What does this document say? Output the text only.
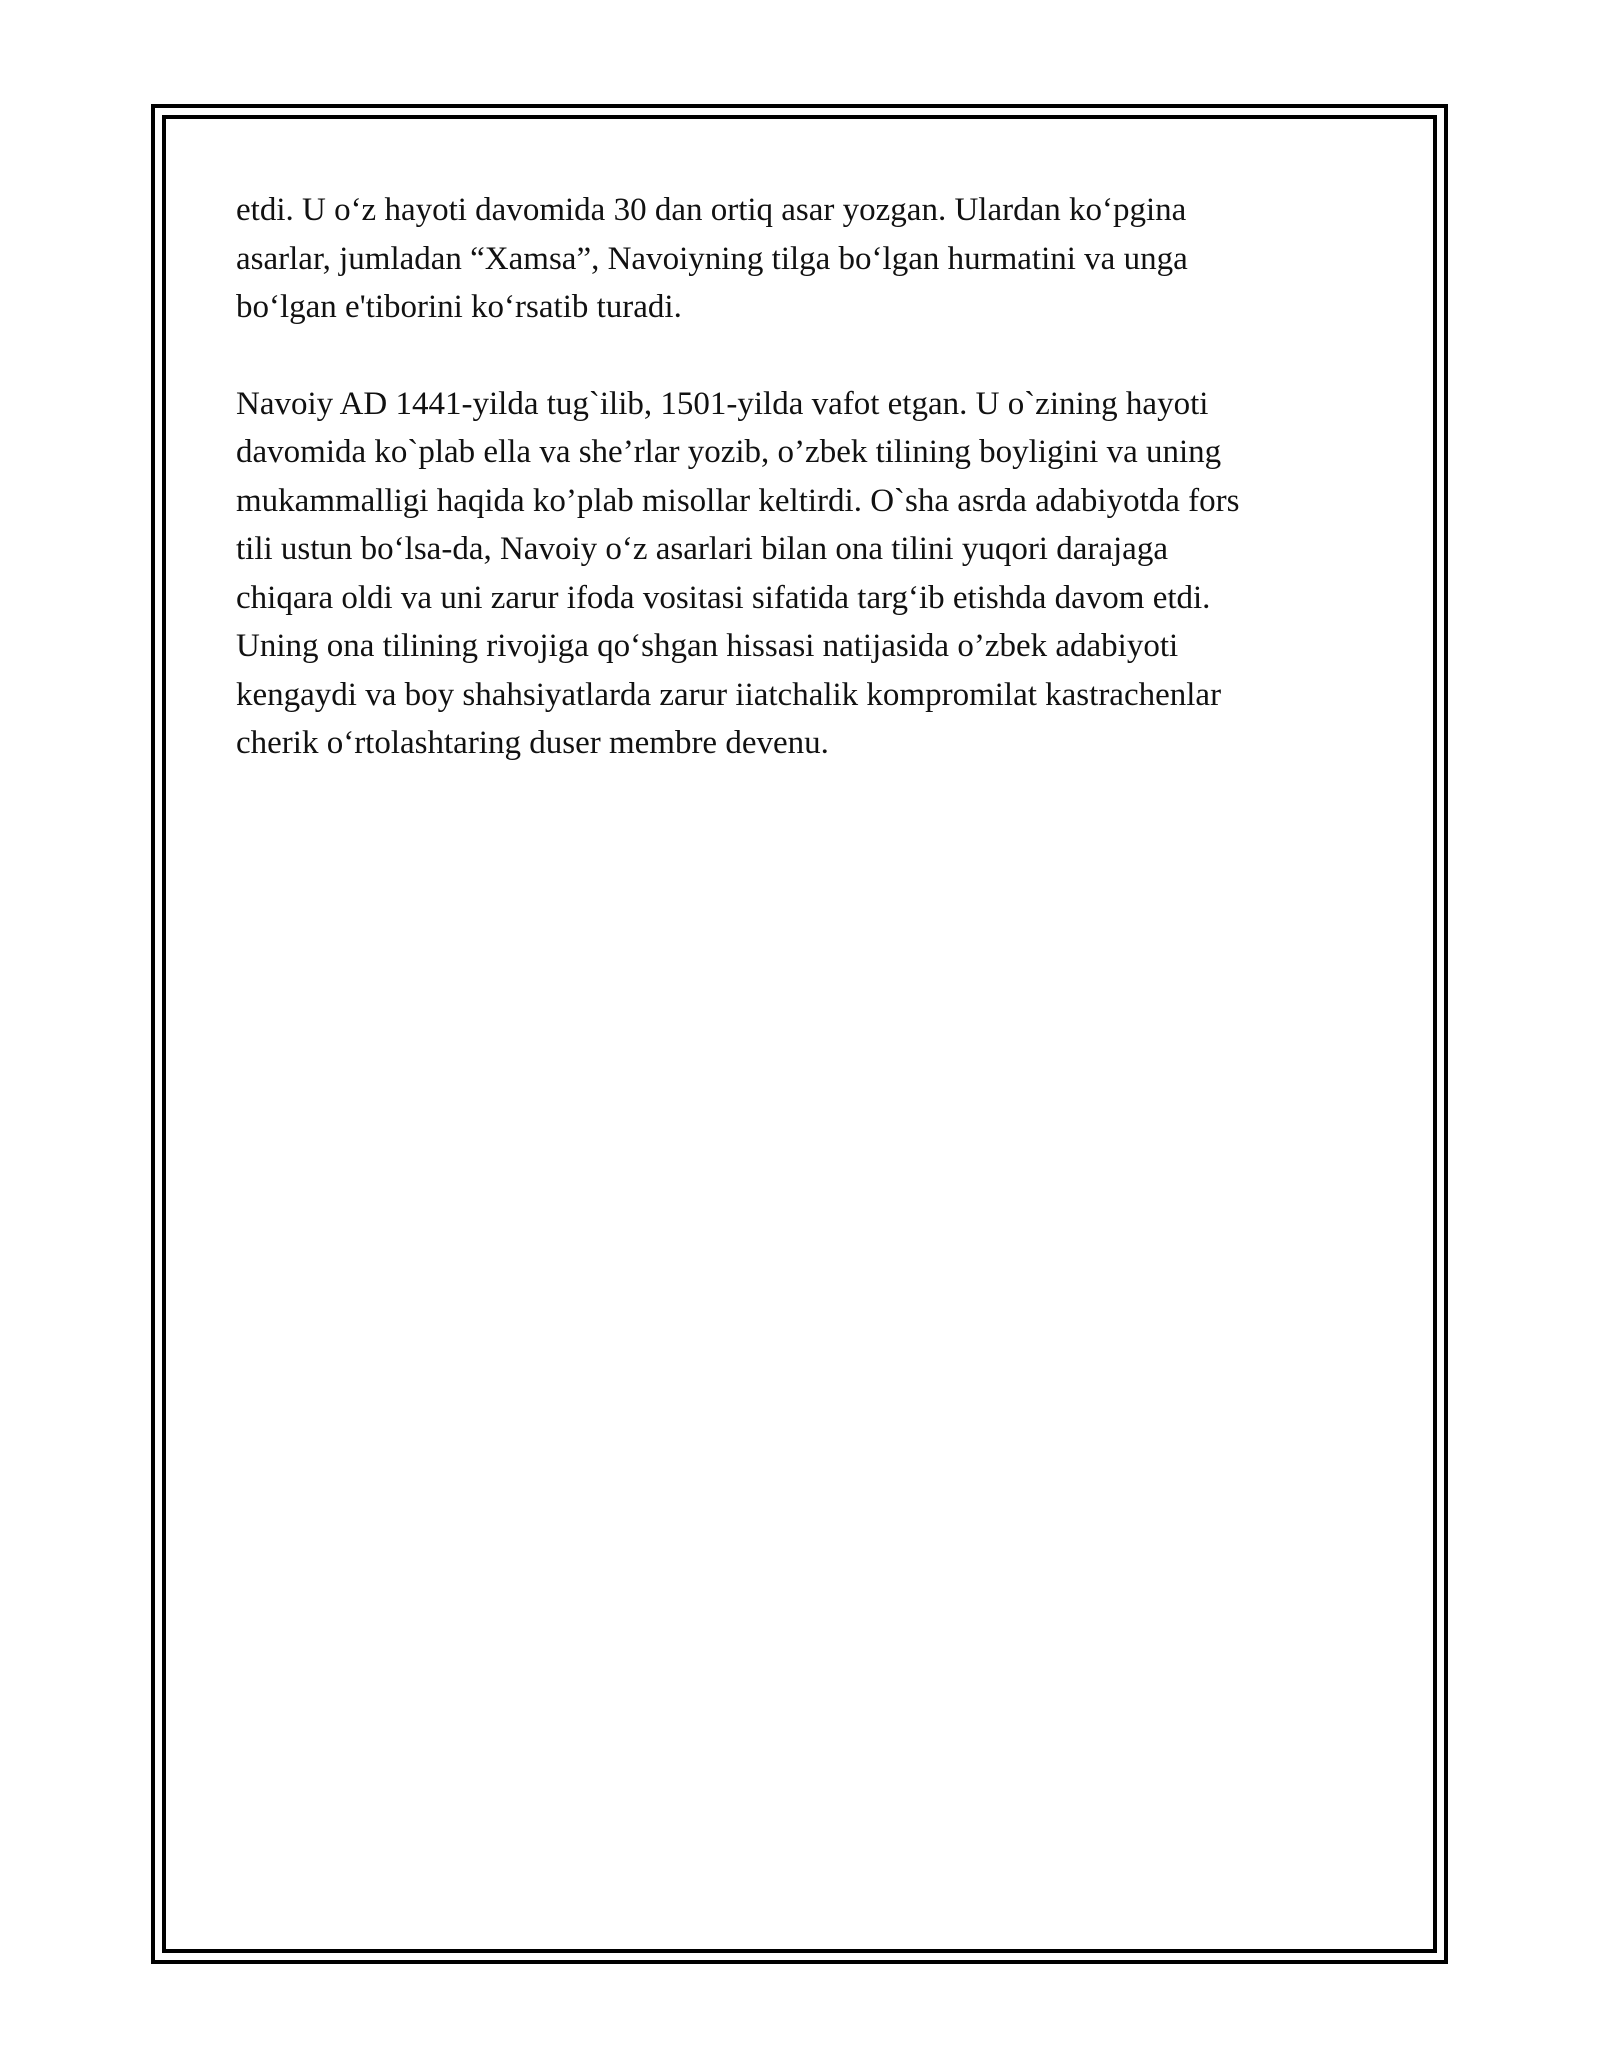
etdi. U o‘z hayoti davomida 30 dan ortiq asar yozgan. Ulardan ko‘pgina
asarlar, jumladan “Xamsa”, Navoiyning tilga bo‘lgan hurmatini va unga
bo‘lgan e'tiborini ko‘rsatib turadi.

Navoiy AD 1441-yilda tug`ilib, 1501-yilda vafot etgan. U o`zining hayoti
davomida ko`plab ella va she’rlar yozib, o’zbek tilining boyligini va uning
mukammalligi haqida ko’plab misollar keltirdi. O`sha asrda adabiyotda fors
tili ustun bo‘lsa-da, Navoiy o‘z asarlari bilan ona tilini yuqori darajaga
chiqara oldi va uni zarur ifoda vositasi sifatida targ‘ib etishda davom etdi.
Uning ona tilining rivojiga qo‘shgan hissasi natijasida o’zbek adabiyoti
kengaydi va boy shahsiyatlarda zarur iiatchalik kompromilat kastrachenlar
cherik o‘rtolashtaring duser membre devenu.
